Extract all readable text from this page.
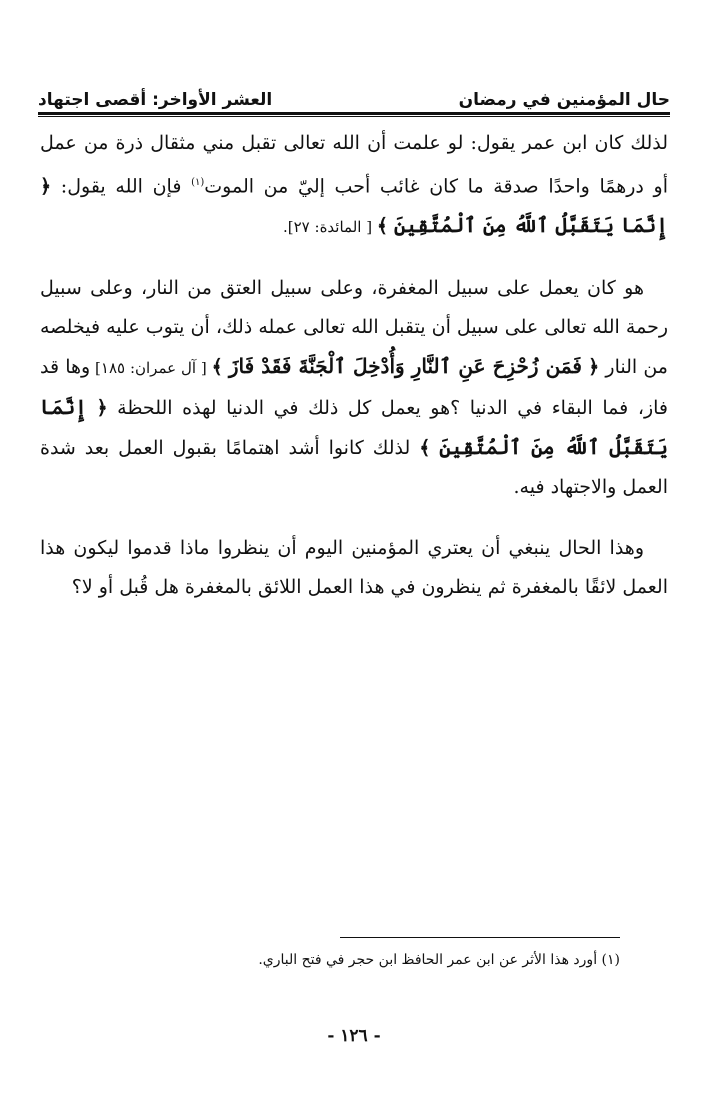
حال المؤمنين في رمضان
العشر الأواخر: أقصى اجتهاد

لذلك كان ابن عمر يقول: لو علمت أن الله تعالى تقبل مني مثقال ذرة من عمل أو درهمًا واحدًا صدقة ما كان غائب أحب إليّ من الموت$^{(١)}$ فإن الله يقول: ﴿ إِنَّمَا يَتَقَبَّلُ ٱللَّهُ مِنَ ٱلْمُتَّقِينَ ﴾ [ المائدة: ٢٧].

هو كان يعمل على سبيل المغفرة، وعلى سبيل العتق من النار، وعلى سبيل رحمة الله تعالى على سبيل أن يتقبل الله تعالى عمله ذلك، أن يتوب عليه فيخلصه من النار ﴿ فَمَن زُحْزِحَ عَنِ ٱلنَّارِ وَأُدْخِلَ ٱلْجَنَّةَ فَقَدْ فَازَ ﴾ [ آل عمران: ١٨٥] وها قد فاز، فما البقاء في الدنيا ؟هو يعمل كل ذلك في الدنيا لهذه اللحظة ﴿ إِنَّمَا يَتَقَبَّلُ ٱللَّهُ مِنَ ٱلْمُتَّقِينَ ﴾ لذلك كانوا أشد اهتمامًا بقبول العمل بعد شدة العمل والاجتهاد فيه.

وهذا الحال ينبغي أن يعتري المؤمنين اليوم أن ينظروا ماذا قدموا ليكون هذا العمل لائقًا بالمغفرة ثم ينظرون في هذا العمل اللائق بالمغفرة هل قُبل أو لا؟

(١) أورد هذا الأثر عن ابن عمر الحافظ ابن حجر في فتح الباري.
- ١٢٦ -
